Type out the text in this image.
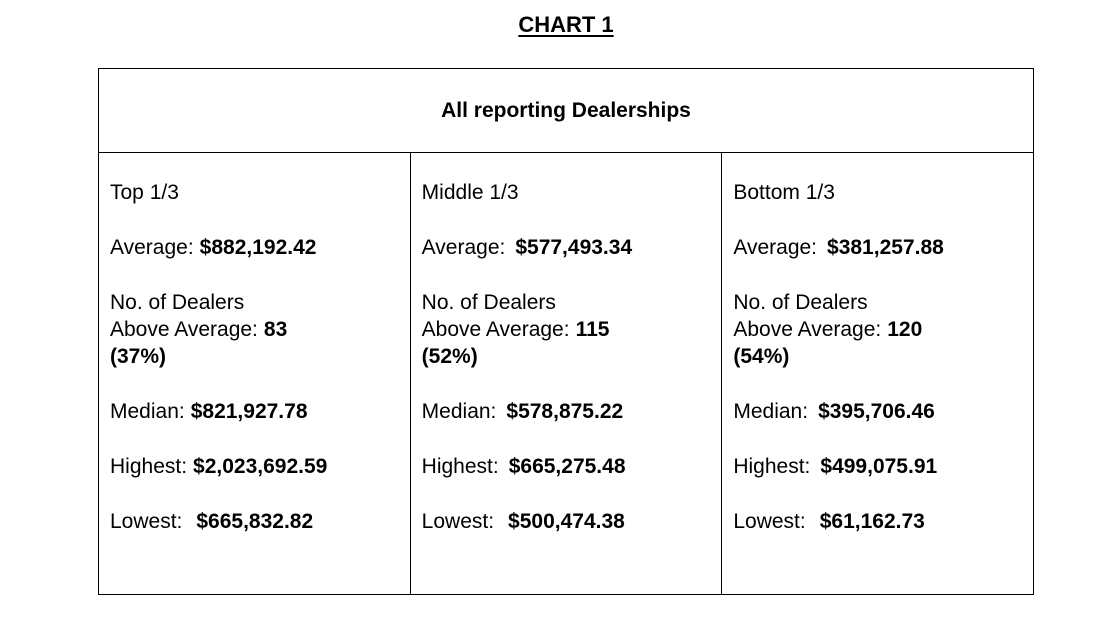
CHART 1
All reporting Dealerships
Top 1/3
Average: $882,192.42
No. of Dealers
Above Average: 83
(37%)
Median: $821,927.78
Highest: $2,023,692.59
Lowest: $665,832.82
Middle 1/3
Average: $577,493.34
No. of Dealers
Above Average: 115
(52%)
Median: $578,875.22
Highest: $665,275.48
Lowest: $500,474.38
Bottom 1/3
Average: $381,257.88
No. of Dealers
Above Average: 120
(54%)
Median: $395,706.46
Highest: $499,075.91
Lowest: $61,162.73
